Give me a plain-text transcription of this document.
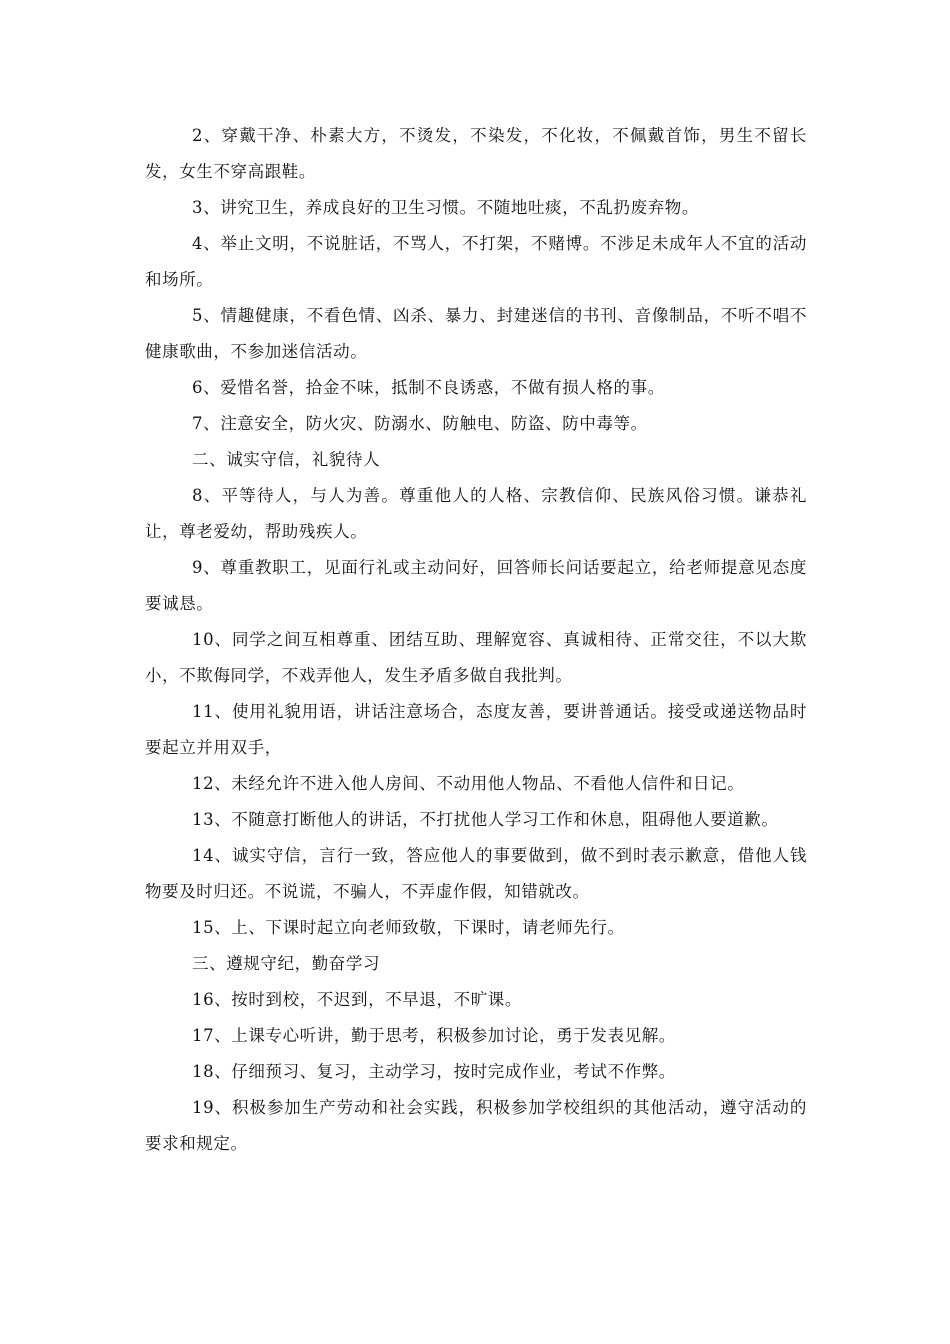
2、穿戴干净、朴素大方，不烫发，不染发，不化妆，不佩戴首饰，男生不留长发，女生不穿高跟鞋。

3、讲究卫生，养成良好的卫生习惯。不随地吐痰，不乱扔废弃物。

4、举止文明，不说脏话，不骂人，不打架，不赌博。不涉足未成年人不宜的活动和场所。

5、情趣健康，不看色情、凶杀、暴力、封建迷信的书刊、音像制品，不听不唱不健康歌曲，不参加迷信活动。

6、爱惜名誉，拾金不味，抵制不良诱惑，不做有损人格的事。

7、注意安全，防火灾、防溺水、防触电、防盗、防中毒等。

二、诚实守信，礼貌待人

8、平等待人，与人为善。尊重他人的人格、宗教信仰、民族风俗习惯。谦恭礼让，尊老爱幼，帮助残疾人。

9、尊重教职工，见面行礼或主动问好，回答师长问话要起立，给老师提意见态度要诚恳。

10、同学之间互相尊重、团结互助、理解宽容、真诚相待、正常交往，不以大欺小，不欺侮同学，不戏弄他人，发生矛盾多做自我批判。

11、使用礼貌用语，讲话注意场合，态度友善，要讲普通话。接受或递送物品时要起立并用双手，

12、未经允许不进入他人房间、不动用他人物品、不看他人信件和日记。

13、不随意打断他人的讲话，不打扰他人学习工作和休息，阻碍他人要道歉。

14、诚实守信，言行一致，答应他人的事要做到，做不到时表示歉意，借他人钱物要及时归还。不说谎，不骗人，不弄虚作假，知错就改。

15、上、下课时起立向老师致敬，下课时，请老师先行。

三、遵规守纪，勤奋学习

16、按时到校，不迟到，不早退，不旷课。

17、上课专心听讲，勤于思考，积极参加讨论，勇于发表见解。

18、仔细预习、复习，主动学习，按时完成作业，考试不作弊。

19、积极参加生产劳动和社会实践，积极参加学校组织的其他活动，遵守活动的要求和规定。
